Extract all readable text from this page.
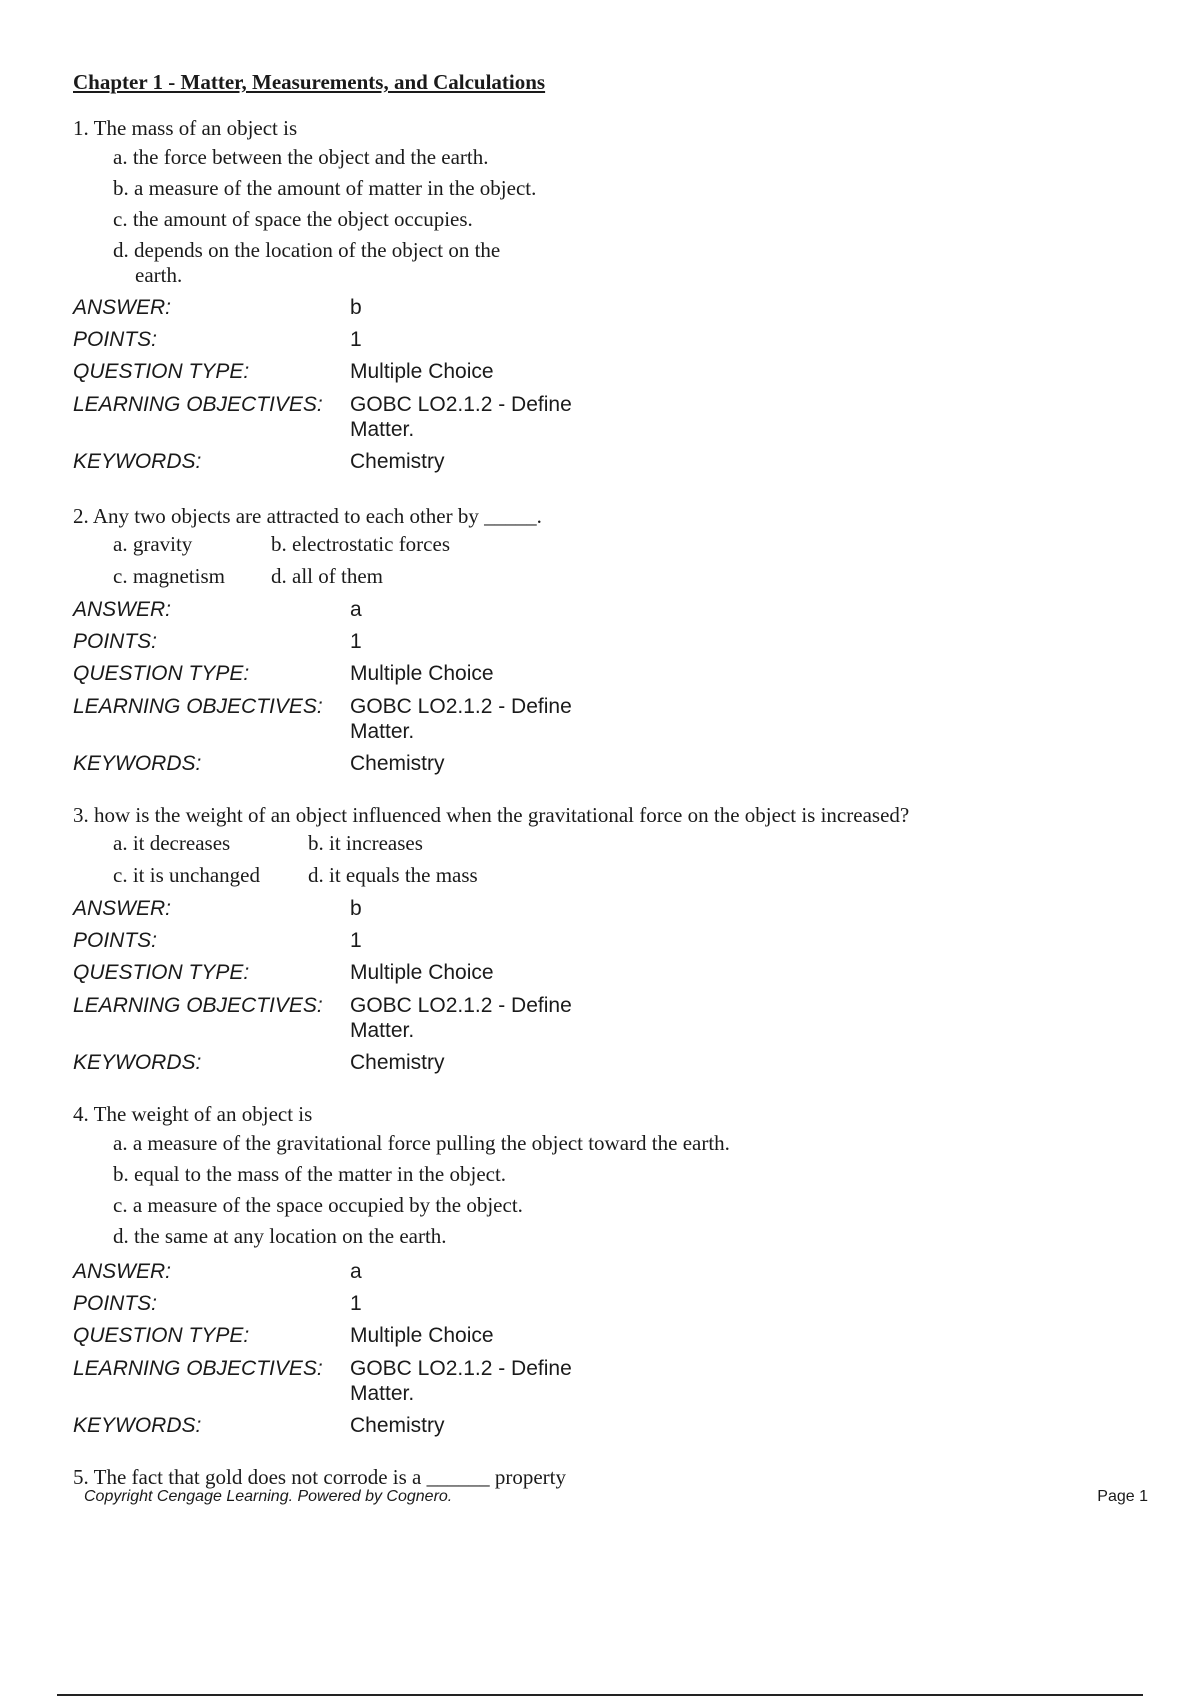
Chapter 1 - Matter, Measurements, and Calculations
1. The mass of an object is
a. the force between the object and the earth.
b. a measure of the amount of matter in the object.
c. the amount of space the object occupies.
d. depends on the location of the object on the
earth.
ANSWER:	b
POINTS:	1
QUESTION TYPE:	Multiple Choice
LEARNING OBJECTIVES:	GOBC LO2.1.2 - Define
Matter.
KEYWORDS:	Chemistry
2. Any two objects are attracted to each other by _____.
a. gravity	b. electrostatic forces
c. magnetism	d. all of them
ANSWER:	a
POINTS:	1
QUESTION TYPE:	Multiple Choice
LEARNING OBJECTIVES:	GOBC LO2.1.2 - Define
Matter.
KEYWORDS:	Chemistry
3. how is the weight of an object influenced when the gravitational force on the object is increased?
a. it decreases	b. it increases
c. it is unchanged	d. it equals the mass
ANSWER:	b
POINTS:	1
QUESTION TYPE:	Multiple Choice
LEARNING OBJECTIVES:	GOBC LO2.1.2 - Define
Matter.
KEYWORDS:	Chemistry
4. The weight of an object is
a. a measure of the gravitational force pulling the object toward the earth.
b. equal to the mass of the matter in the object.
c. a measure of the space occupied by the object.
d. the same at any location on the earth.
ANSWER:	a
POINTS:	1
QUESTION TYPE:	Multiple Choice
LEARNING OBJECTIVES:	GOBC LO2.1.2 - Define
Matter.
KEYWORDS:	Chemistry
5. The fact that gold does not corrode is a ______ property
Copyright Cengage Learning. Powered by Cognero.	Page 1
